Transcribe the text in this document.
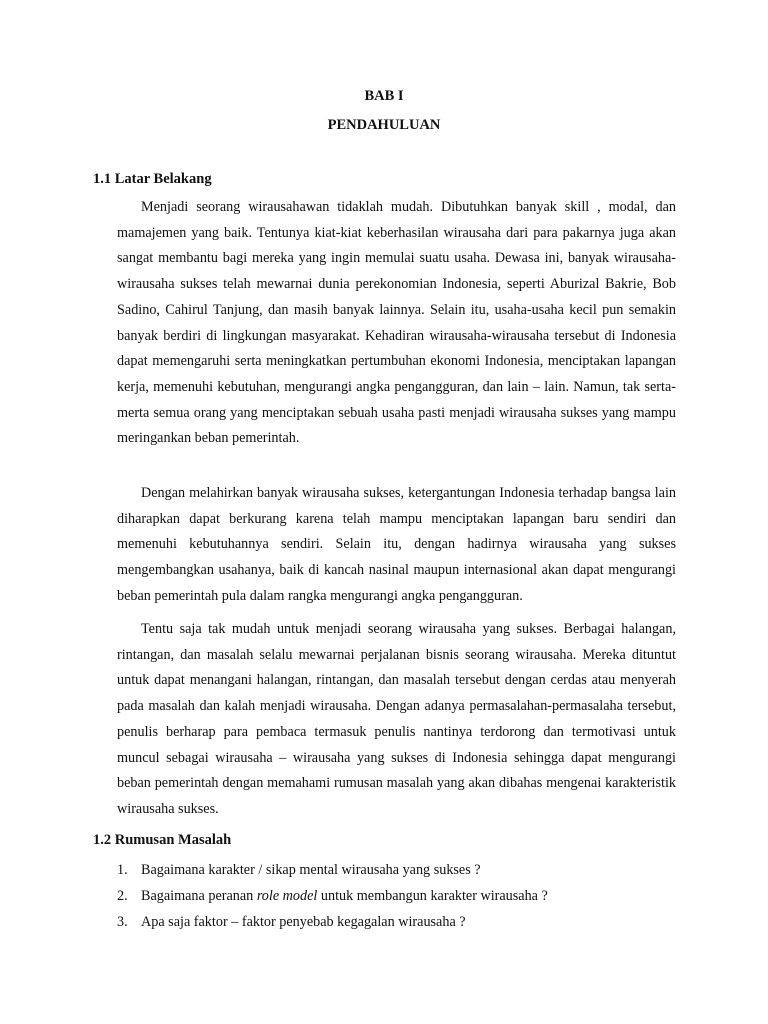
BAB I
PENDAHULUAN
1.1 Latar Belakang

Menjadi seorang wirausahawan tidaklah mudah. Dibutuhkan banyak skill , modal, dan mamajemen yang baik. Tentunya kiat-kiat keberhasilan wirausaha dari para pakarnya juga akan sangat membantu bagi mereka yang ingin memulai suatu usaha. Dewasa ini, banyak wirausaha-wirausaha sukses telah mewarnai dunia perekonomian Indonesia, seperti Aburizal Bakrie, Bob Sadino, Cahirul Tanjung, dan masih banyak lainnya. Selain itu, usaha-usaha kecil pun semakin banyak berdiri di lingkungan masyarakat. Kehadiran wirausaha-wirausaha tersebut di Indonesia dapat memengaruhi serta meningkatkan pertumbuhan ekonomi Indonesia, menciptakan lapangan kerja, memenuhi kebutuhan, mengurangi angka pengangguran, dan lain – lain. Namun, tak serta-merta semua orang yang menciptakan sebuah usaha pasti menjadi wirausaha sukses yang mampu meringankan beban pemerintah.

Dengan melahirkan banyak wirausaha sukses, ketergantungan Indonesia terhadap bangsa lain diharapkan dapat berkurang karena telah mampu menciptakan lapangan baru sendiri dan memenuhi kebutuhannya sendiri. Selain itu, dengan hadirnya wirausaha yang sukses mengembangkan usahanya, baik di kancah nasinal maupun internasional akan dapat mengurangi beban pemerintah pula dalam rangka mengurangi angka pengangguran.

Tentu saja tak mudah untuk menjadi seorang wirausaha yang sukses. Berbagai halangan, rintangan, dan masalah selalu mewarnai perjalanan bisnis seorang wirausaha. Mereka dituntut untuk dapat menangani halangan, rintangan, dan masalah tersebut dengan cerdas atau menyerah pada masalah dan kalah menjadi wirausaha. Dengan adanya permasalahan-permasalaha tersebut, penulis berharap para pembaca termasuk penulis nantinya terdorong dan termotivasi untuk muncul sebagai wirausaha – wirausaha yang sukses di Indonesia sehingga dapat mengurangi beban pemerintah dengan memahami rumusan masalah yang akan dibahas mengenai karakteristik wirausaha sukses.

1.2 Rumusan Masalah
1. Bagaimana karakter / sikap mental wirausaha yang sukses ?
2. Bagaimana peranan role model untuk membangun karakter wirausaha ?
3. Apa saja faktor – faktor penyebab kegagalan wirausaha ?
